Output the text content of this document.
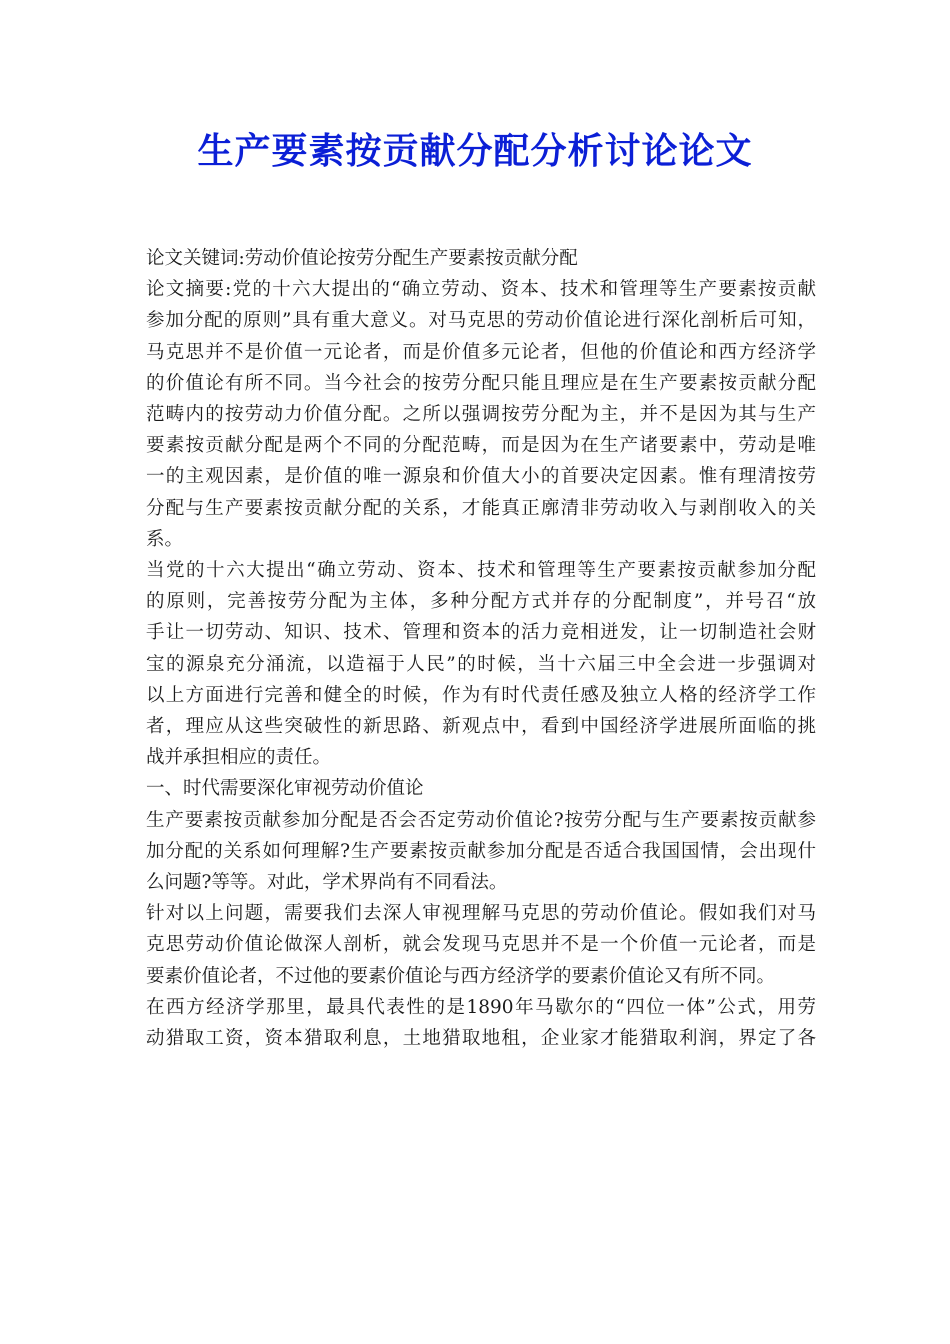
生产要素按贡献分配分析讨论论文

论文关键词:劳动价值论按劳分配生产要素按贡献分配

论文摘要:党的十六大提出的“确立劳动、资本、技术和管理等生产要素按贡献
参加分配的原则”具有重大意义。对马克思的劳动价值论进行深化剖析后可知，
马克思并不是价值一元论者，而是价值多元论者，但他的价值论和西方经济学
的价值论有所不同。当今社会的按劳分配只能且理应是在生产要素按贡献分配
范畴内的按劳动力价值分配。之所以强调按劳分配为主，并不是因为其与生产
要素按贡献分配是两个不同的分配范畴，而是因为在生产诸要素中，劳动是唯
一的主观因素，是价值的唯一源泉和价值大小的首要决定因素。惟有理清按劳
分配与生产要素按贡献分配的关系，才能真正廓清非劳动收入与剥削收入的关
系。

当党的十六大提出“确立劳动、资本、技术和管理等生产要素按贡献参加分配
的原则，完善按劳分配为主体，多种分配方式并存的分配制度”，并号召“放
手让一切劳动、知识、技术、管理和资本的活力竞相迸发，让一切制造社会财
宝的源泉充分涌流，以造福于人民”的时候，当十六届三中全会进一步强调对
以上方面进行完善和健全的时候，作为有时代责任感及独立人格的经济学工作
者，理应从这些突破性的新思路、新观点中，看到中国经济学进展所面临的挑
战并承担相应的责任。

一、时代需要深化审视劳动价值论

生产要素按贡献参加分配是否会否定劳动价值论?按劳分配与生产要素按贡献参
加分配的关系如何理解?生产要素按贡献参加分配是否适合我国国情，会出现什
么问题?等等。对此，学术界尚有不同看法。

针对以上问题，需要我们去深人审视理解马克思的劳动价值论。假如我们对马
克思劳动价值论做深人剖析，就会发现马克思并不是一个价值一元论者，而是
要素价值论者，不过他的要素价值论与西方经济学的要素价值论又有所不同。

在西方经济学那里，最具代表性的是1890年马歇尔的“四位一体”公式，用劳
动猎取工资，资本猎取利息，土地猎取地租，企业家才能猎取利润，界定了各
